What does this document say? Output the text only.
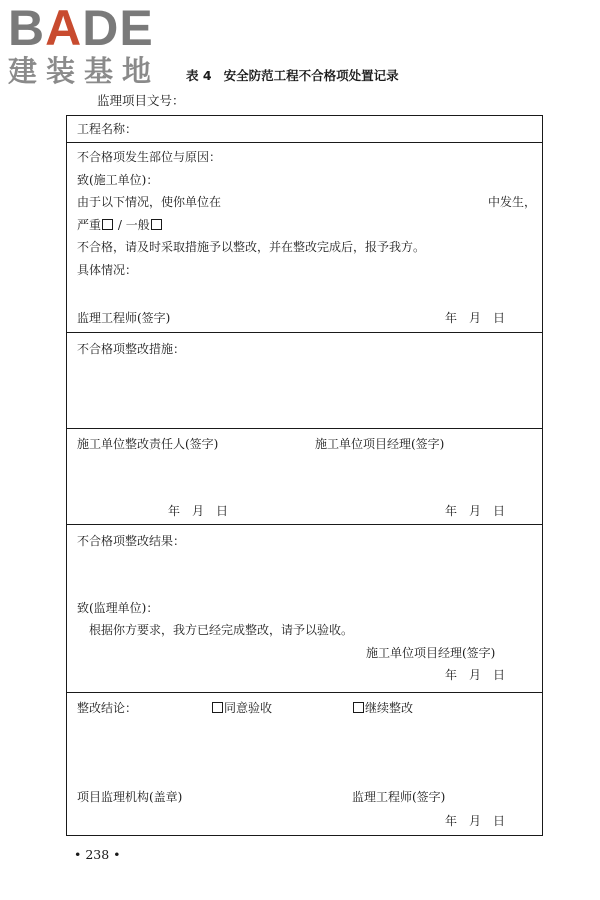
BADE
建装基地	表 4 安全防范工程不合格项处置记录
监理项目文号：
工程名称：
不合格项发生部位与原因：
致(施工单位)：
由于以下情况，使你单位在	中发生，
严重 / 一般
不合格，请及时采取措施予以整改，并在整改完成后，报予我方。
具体情况：
监理工程师(签字)	年　月　日
不合格项整改措施：
施工单位整改责任人(签字)	施工单位项目经理(签字)
年　月　日	年　月　日
不合格项整改结果：
致(监理单位)：
根据你方要求，我方已经完成整改，请予以验收。
施工单位项目经理(签字)
年　月　日
整改结论：	同意验收	继续整改
项目监理机构(盖章)	监理工程师(签字)
年　月　日
• 238 •
